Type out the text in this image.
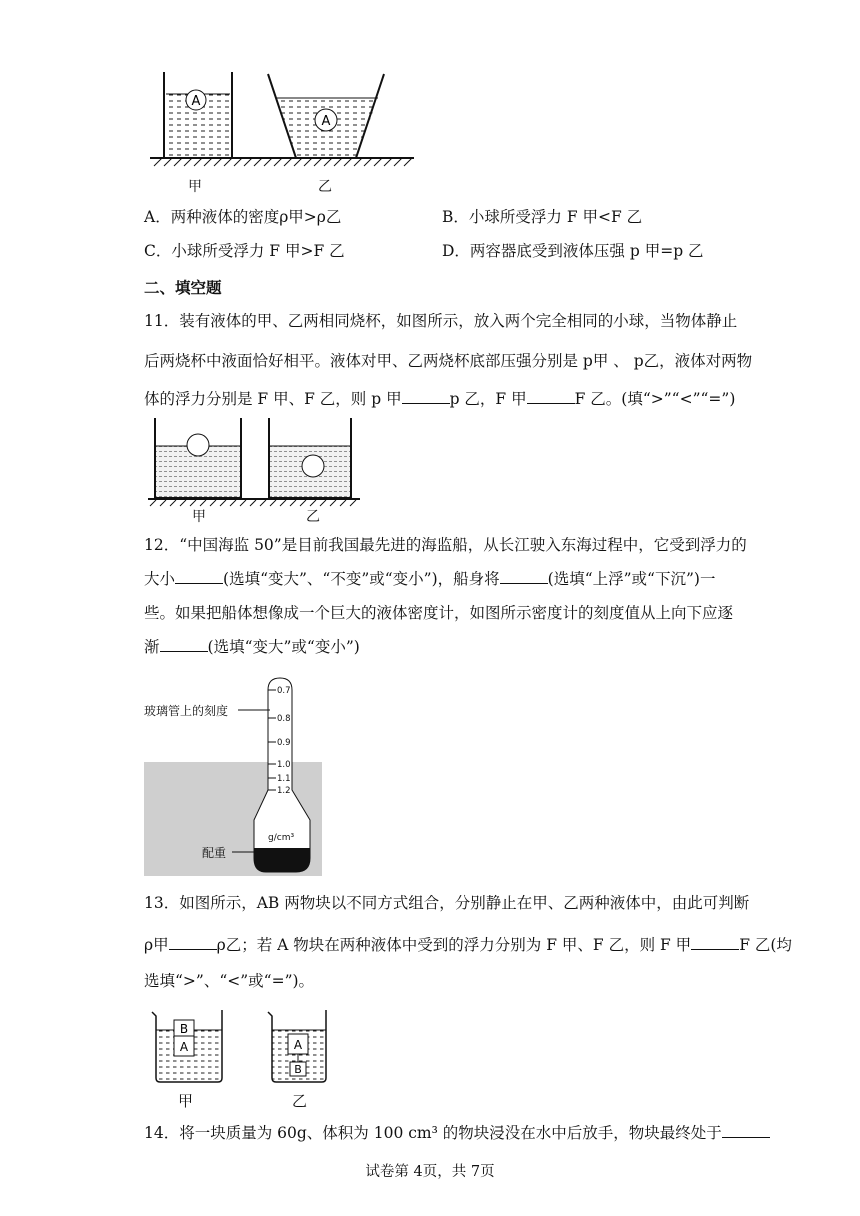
A
A
甲	乙
A．两种液体的密度ρ甲>ρ乙	B．小球所受浮力 F 甲<F 乙
C．小球所受浮力 F 甲>F 乙	D．两容器底受到液体压强 p 甲=p 乙
二、填空题
11．装有液体的甲、乙两相同烧杯，如图所示，放入两个完全相同的小球，当物体静止
后两烧杯中液面恰好相平。液体对甲、乙两烧杯底部压强分别是 p甲 、 p乙，液体对两物
体的浮力分别是 F 甲、F 乙，则 p 甲	p 乙，F 甲	F 乙。(填“>”“<”“=”)
甲	乙
12．“中国海监 50”是目前我国最先进的海监船，从长江驶入东海过程中，它受到浮力的
大小	(选填“变大”、“不变”或“变小”)，船身将	(选填“上浮”或“下沉”)一
些。如果把船体想像成一个巨大的液体密度计，如图所示密度计的刻度值从上向下应逐
渐	(选填“变大”或“变小”)
0.7
0.8
0.9
1.0
1.1
1.2
g/cm³
玻璃管上的刻度
配重
13．如图所示，AB 两物块以不同方式组合，分别静止在甲、乙两种液体中，由此可判断
ρ甲	ρ乙；若 A 物块在两种液体中受到的浮力分别为 F 甲、F 乙，则 F 甲	F 乙(均
选填“>”、“<”或“=”)。
B
A	A
B
甲	乙
14．将一块质量为 60g、体积为 100 cm³ 的物块浸没在水中后放手，物块最终处于
试卷第 4页，共 7页
